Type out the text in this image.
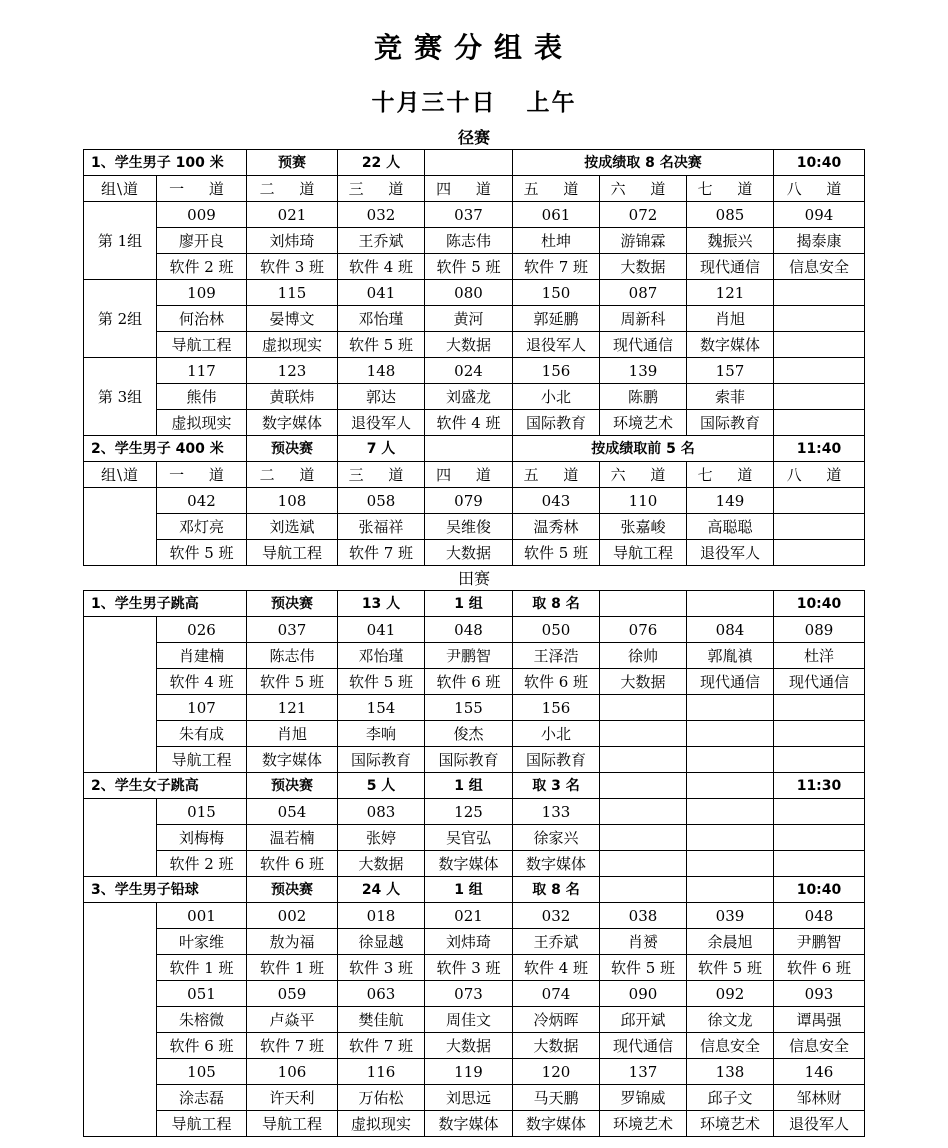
竞赛分组表
十月三十日   上午
径赛
1、学生男子 100 米		预赛	22 人		按成绩取 8 名决赛			10:40
组\道	一 道	二 道	三 道	四 道	五 道	六 道	七 道	八 道
第 1组	009	021	032	037	061	072	085	094
	廖开良	刘炜琦	王乔斌	陈志伟	杜坤	游锦霖	魏振兴	揭泰康
	软件 2 班	软件 3 班	软件 4 班	软件 5 班	软件 7 班	大数据	现代通信	信息安全
第 2组	109	115	041	080	150	087	121	
	何治林	晏博文	邓怡瑾	黄河	郭延鹏	周新科	肖旭	
	导航工程	虚拟现实	软件 5 班	大数据	退役军人	现代通信	数字媒体	
第 3组	117	123	148	024	156	139	157	
	熊伟	黄联炜	郭达	刘盛龙	小北	陈鹏	索菲	
	虚拟现实	数字媒体	退役军人	软件 4 班	国际教育	环境艺术	国际教育	
2、学生男子 400 米		预决赛	7 人		按成绩取前 5 名			11:40
组\道	一 道	二 道	三 道	四 道	五 道	六 道	七 道	八 道
	042	108	058	079	043	110	149	
	邓灯亮	刘选斌	张福祥	吴维俊	温秀林	张嘉峻	高聪聪	
	软件 5 班	导航工程	软件 7 班	大数据	软件 5 班	导航工程	退役军人	
田赛
1、学生男子跳高		预决赛	13 人	1 组	取 8 名			10:40
	026	037	041	048	050	076	084	089
	肖建楠	陈志伟	邓怡瑾	尹鹏智	王泽浩	徐帅	郭胤禛	杜洋
	软件 4 班	软件 5 班	软件 5 班	软件 6 班	软件 6 班	大数据	现代通信	现代通信
	107	121	154	155	156			
	朱有成	肖旭	李响	俊杰	小北			
	导航工程	数字媒体	国际教育	国际教育	国际教育			
2、学生女子跳高		预决赛	5 人	1 组	取 3 名			11:30
	015	054	083	125	133			
	刘梅梅	温若楠	张婷	吴官弘	徐家兴			
	软件 2 班	软件 6 班	大数据	数字媒体	数字媒体			
3、学生男子铅球		预决赛	24 人	1 组	取 8 名			10:40
	001	002	018	021	032	038	039	048
	叶家维	敖为福	徐显越	刘炜琦	王乔斌	肖赟	余晨旭	尹鹏智
	软件 1 班	软件 1 班	软件 3 班	软件 3 班	软件 4 班	软件 5 班	软件 5 班	软件 6 班
	051	059	063	073	074	090	092	093
	朱榕微	卢焱平	樊佳航	周佳文	冷炳晖	邱开斌	徐文龙	谭禺强
	软件 6 班	软件 7 班	软件 7 班	大数据	大数据	现代通信	信息安全	信息安全
	105	106	116	119	120	137	138	146
	涂志磊	许天利	万佑松	刘思远	马天鹏	罗锦威	邱子文	邹林财
	导航工程	导航工程	虚拟现实	数字媒体	数字媒体	环境艺术	环境艺术	退役军人
